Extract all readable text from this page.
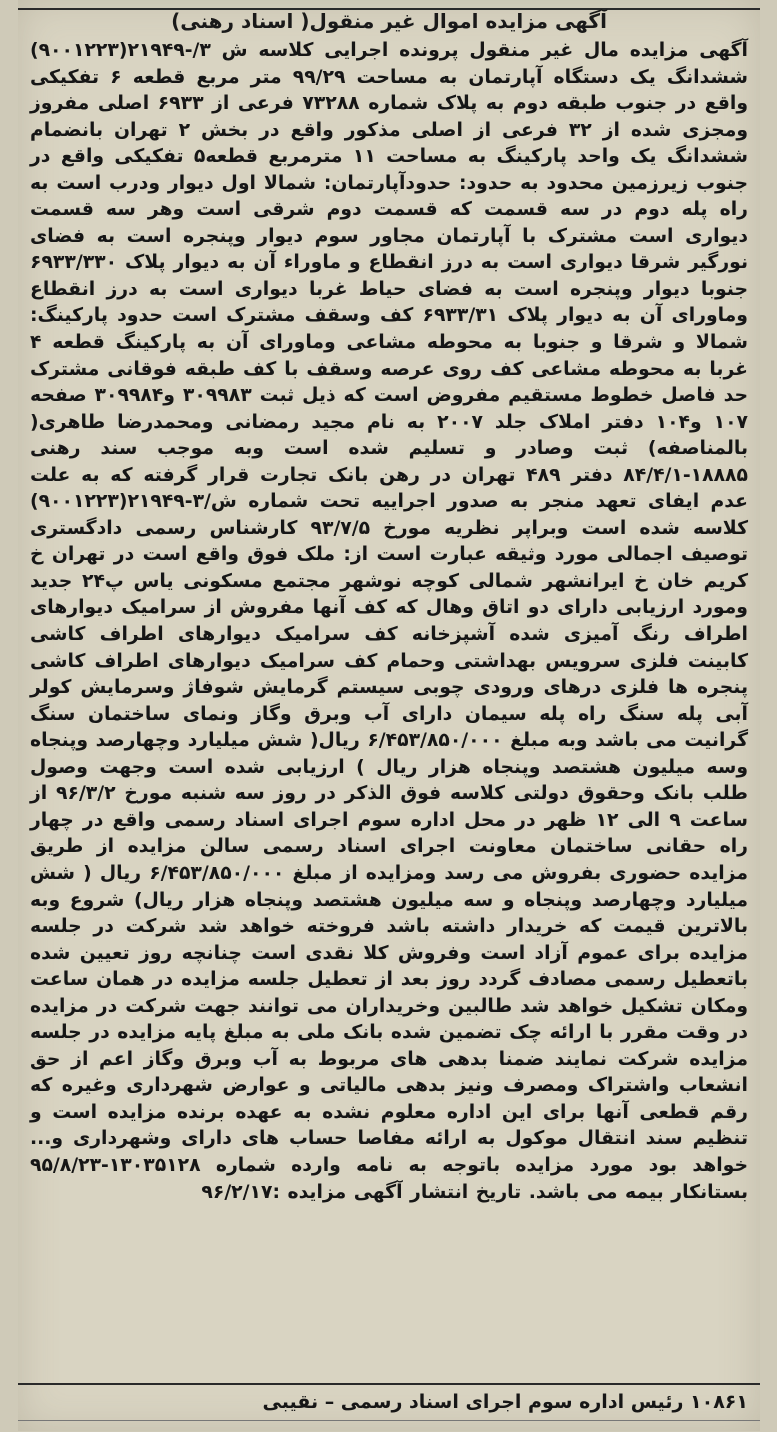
آگهی مزایده اموال غیر منقول( اسناد رهنی)
آگهی مزایده مال غیر منقول پرونده اجرایی کلاسه ش ۳/-۲۱۹۴۹(۹۰۰۱۲۲۳) ششدانگ یک دستگاه آپارتمان به مساحت ۹۹/۲۹ متر مربع قطعه ۶ تفکیکی واقع در جنوب طبقه دوم به پلاک شماره ۷۳۲۸۸ فرعی از ۶۹۳۳ اصلی مفروز ومجزی شده از ۳۲ فرعی از اصلی مذکور واقع در بخش ۲ تهران بانضمام ششدانگ یک واحد پارکینگ به مساحت ۱۱ مترمربع قطعه۵ تفکیکی واقع در جنوب زیرزمین محدود به حدود: حدودآپارتمان: شمالا اول دیوار ودرب است به راه پله دوم در سه قسمت که قسمت دوم شرقی است وهر سه قسمت دیواری است مشترک با آپارتمان مجاور سوم دیوار وپنجره است به فضای نورگیر شرقا دیواری است به درز انقطاع و ماوراء آن به دیوار پلاک ۶۹۳۳/۳۳۰ جنوبا دیوار وپنجره است به فضای حیاط غربا دیواری است به درز انقطاع وماورای آن به دیوار پلاک ۶۹۳۳/۳۱ کف وسقف مشترک است حدود پارکینگ: شمالا و شرقا و جنوبا به محوطه مشاعی وماورای آن به پارکینگ قطعه ۴ غربا به محوطه مشاعی کف روی عرصه وسقف با کف طبقه فوقانی مشترک حد فاصل خطوط مستقیم مفروض است که ذیل ثبت ۳۰۹۹۸۳ و۳۰۹۹۸۴ صفحه ۱۰۷ و۱۰۴ دفتر املاک جلد ۲۰۰۷ به نام مجید رمضانی ومحمدرضا طاهری( بالمناصفه) ثبت وصادر و تسلیم شده است وبه موجب سند رهنی ۱۸۸۸۵-۸۴/۴/۱ دفتر ۴۸۹ تهران در رهن بانک تجارت قرار گرفته که به علت عدم ایفای تعهد منجر به صدور اجراییه تحت شماره ش/۳-۲۱۹۴۹(۹۰۰۱۲۲۳) کلاسه شده است وبراپر نظریه مورخ ۹۳/۷/۵ کارشناس رسمی دادگستری توصیف اجمالی مورد وثیقه عبارت است از: ملک فوق واقع است در تهران خ کریم خان خ ایرانشهر شمالی کوچه نوشهر مجتمع مسکونی یاس پ۲۴ جدید ومورد ارزیابی دارای دو اتاق وهال که کف آنها مفروش از سرامیک دیوارهای اطراف رنگ آمیزی شده آشپزخانه کف سرامیک دیوارهای اطراف کاشی کابینت فلزی سرویس بهداشتی وحمام کف سرامیک دیوارهای اطراف کاشی پنجره ها فلزی درهای ورودی چوبی سیستم گرمایش شوفاژ وسرمایش کولر آبی پله سنگ راه پله سیمان دارای آب وبرق وگاز ونمای ساختمان سنگ گرانیت می باشد وبه مبلغ ۶/۴۵۳/۸۵۰/۰۰۰ ریال( شش میلیارد وچهارصد وپنجاه وسه میلیون هشتصد وپنجاه هزار ریال ) ارزیابی شده است وجهت وصول طلب بانک وحقوق دولتی کلاسه فوق الذکر در روز سه شنبه مورخ ۹۶/۳/۲ از ساعت ۹ الی ۱۲ ظهر در محل اداره سوم اجرای اسناد رسمی واقع در چهار راه حقانی ساختمان معاونت اجرای اسناد رسمی سالن مزایده از طریق مزایده حضوری بفروش می رسد ومزایده از مبلغ ۶/۴۵۳/۸۵۰/۰۰۰ ریال ( شش میلیارد وچهارصد وپنجاه و سه میلیون هشتصد وپنجاه هزار ریال) شروع وبه بالاترین قیمت که خریدار داشته باشد فروخته خواهد شد شرکت در جلسه مزایده برای عموم آزاد است وفروش کلا نقدی است چنانچه روز تعیین شده باتعطیل رسمی مصادف گردد روز بعد از تعطیل جلسه مزایده در همان ساعت ومکان تشکیل خواهد شد طالبین وخریداران می توانند جهت شرکت در مزایده در وقت مقرر با ارائه چک تضمین شده بانک ملی به مبلغ پایه مزایده در جلسه مزایده شرکت نمایند ضمنا بدهی های مربوط به آب وبرق وگاز اعم از حق انشعاب واشتراک ومصرف ونیز بدهی مالیاتی و عوارض شهرداری وغیره که رقم قطعی آنها برای این اداره معلوم نشده به عهده برنده مزایده است و تنظیم سند انتقال موکول به ارائه مفاصا حساب های دارای وشهرداری و... خواهد بود مورد مزایده باتوجه به نامه وارده شماره ۱۳۰۳۵۱۲۸-۹۵/۸/۲۳ بستانکار بیمه می باشد. تاریخ انتشار آگهی مزایده :۹۶/۲/۱۷
۱۰۸۶۱ رئیس اداره سوم اجرای اسناد رسمی – نقیبی
